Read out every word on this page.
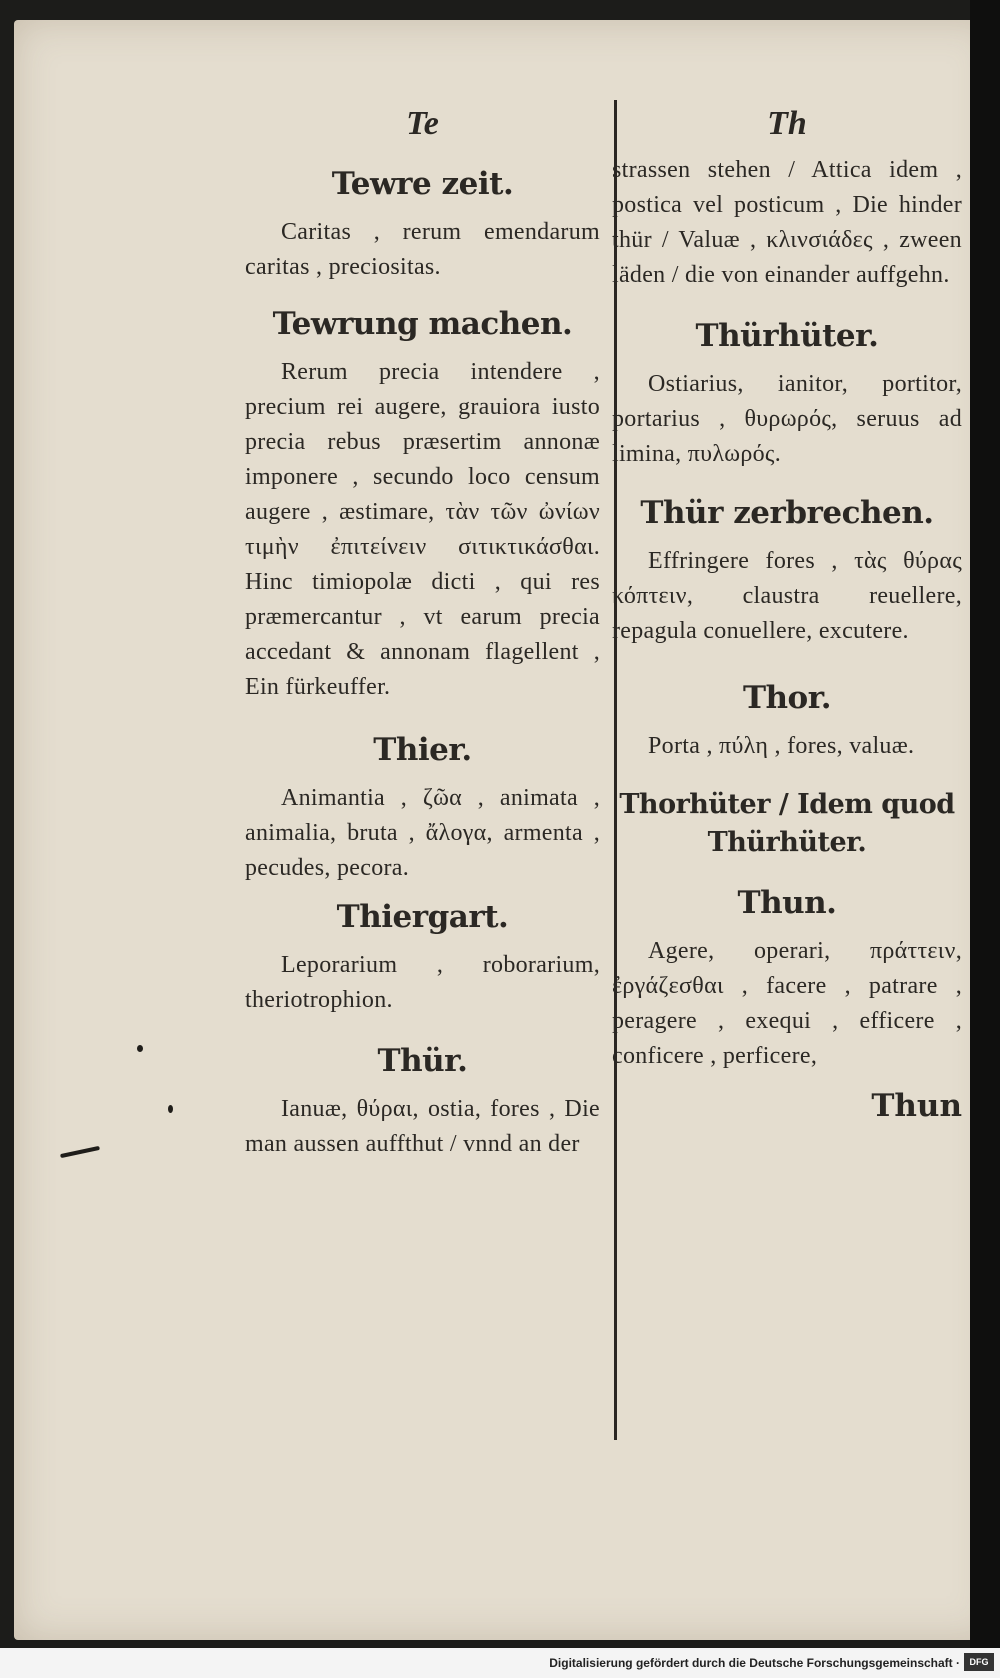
Te
Tewre zeit.

Caritas , rerum emendarum caritas , preciositas.

Tewrung machen.

Rerum precia intendere , precium rei augere, grauiora iusto precia rebus præsertim annonæ imponere , secundo loco censum augere , æstimare, τὰν τῶν ὠνίων τιμὴν ἐπιτείνειν σιτικτικάσθαι. Hinc timiopolæ dicti , qui res præmercantur , vt earum precia accedant & annonam flagellent , Ein fürkeuffer.

Thier.

Animantia , ζῶα , animata , animalia, bruta , ἄλογα, armenta , pecudes, pecora.

Thiergart.

Leporarium , roborarium, theriotrophion.

Thür.

Ianuæ, θύραι, ostia, fores , Die man aussen auffthut / vnnd an der

Th

strassen stehen / Attica idem , postica vel posticum , Die hinder thür / Valuæ , κλινσιάδες , zween läden / die von einander auffgehn.

Thürhüter.

Ostiarius, ianitor, portitor, portarius , θυρωρός, seruus ad limina, πυλωρός.

Thür zerbrechen.

Effringere fores , τὰς θύρας κόπτειν, claustra reuellere, repagula conuellere, excutere.

Thor.

Porta , πύλη , fores, valuæ.

Thorhüter / Idem quod Thürhüter.
Thun.

Agere, operari, πράττειν, ἐργάζεσθαι , facere , patrare , peragere , exequi , efficere , conficere , perficere,

Thun
Digitalisierung gefördert durch die Deutsche Forschungsgemeinschaft ·	DFG
